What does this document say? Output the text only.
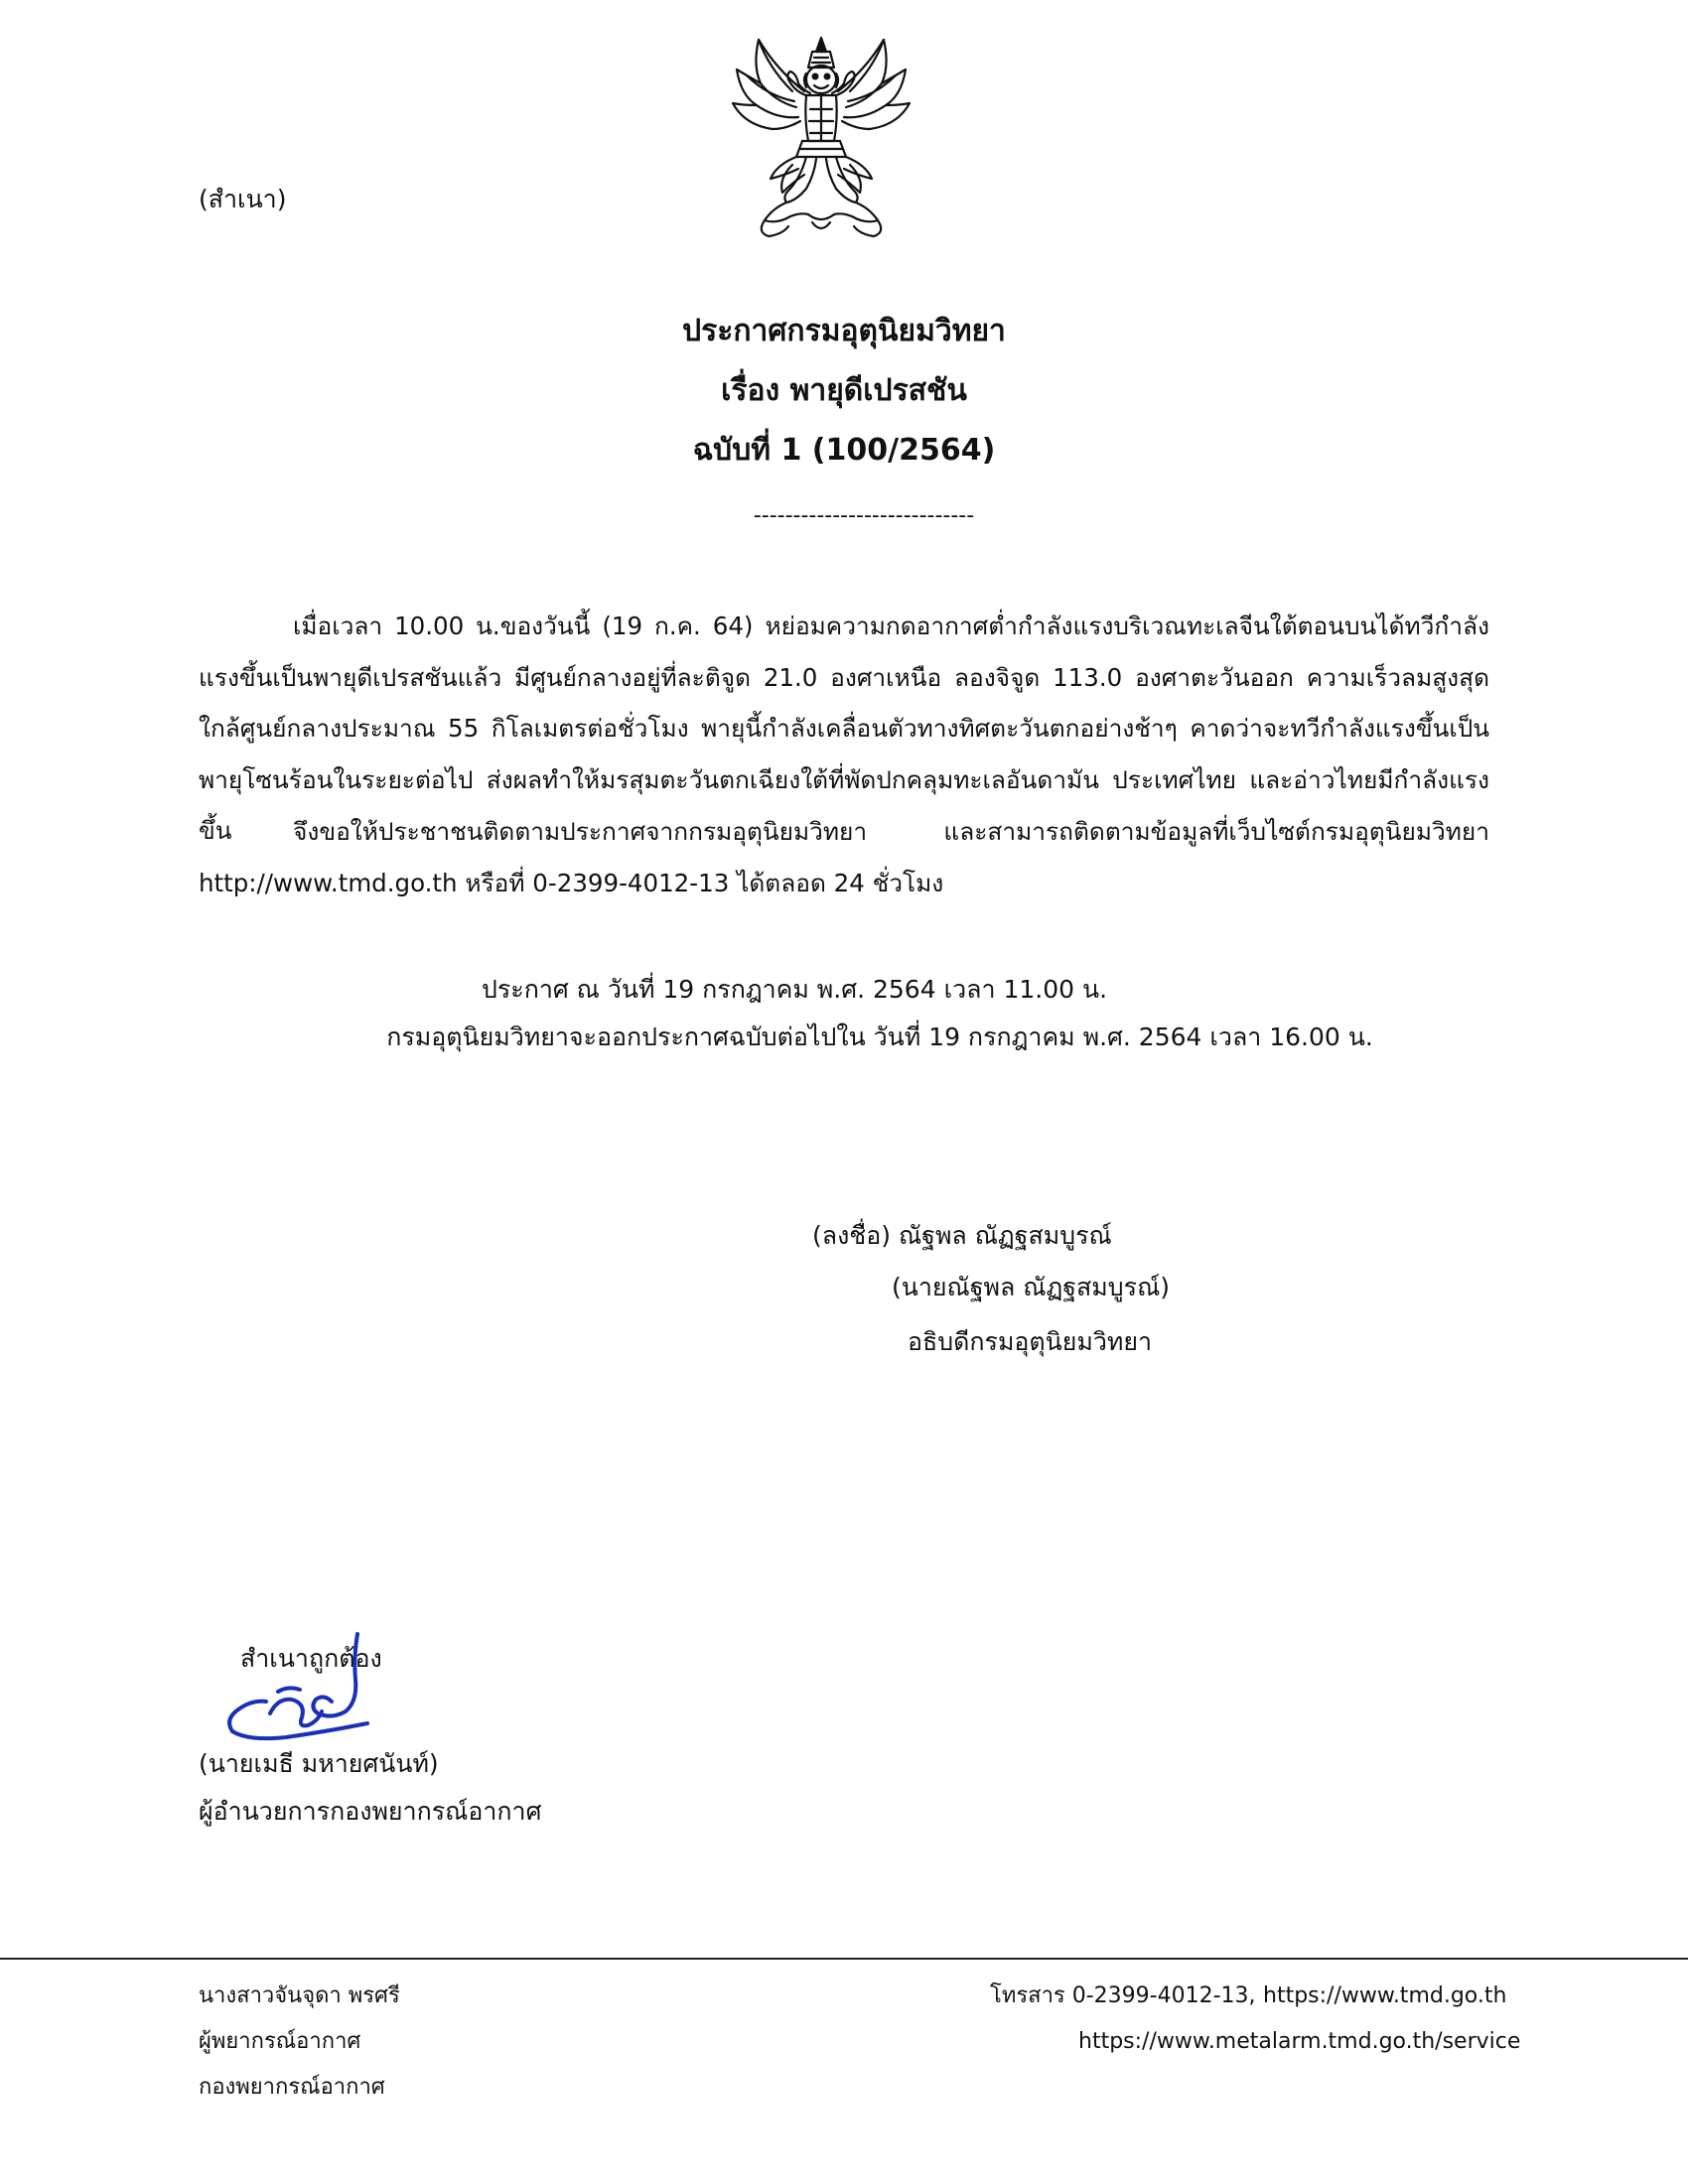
(สำเนา)
ประกาศกรมอุตุนิยมวิทยา
เรื่อง พายุดีเปรสชัน
ฉบับที่ 1 (100/2564)
----------------------------

เมื่อเวลา 10.00 น.ของวันนี้ (19 ก.ค. 64) หย่อมความกดอากาศต่ำกำลังแรงบริเวณทะเลจีนใต้ตอนบนได้ทวีกำลังแรงขึ้นเป็นพายุดีเปรสชันแล้ว มีศูนย์กลางอยู่ที่ละติจูด 21.0 องศาเหนือ ลองจิจูด 113.0 องศาตะวันออก ความเร็วลมสูงสุดใกล้ศูนย์กลางประมาณ 55 กิโลเมตรต่อชั่วโมง พายุนี้กำลังเคลื่อนตัวทางทิศตะวันตกอย่างช้าๆ คาดว่าจะทวีกำลังแรงขึ้นเป็นพายุโซนร้อนในระยะต่อไป ส่งผลทำให้มรสุมตะวันตกเฉียงใต้ที่พัดปกคลุมทะเลอันดามัน ประเทศไทย และอ่าวไทยมีกำลังแรงขึ้น	จึงขอให้ประชาชนติดตามประกาศจากกรมอุตุนิยมวิทยา และสามารถติดตามข้อมูลที่เว็บไซต์กรมอุตุนิยมวิทยา http://www.tmd.go.th หรือที่ 0-2399-4012-13 ได้ตลอด 24 ชั่วโมง

ประกาศ ณ วันที่ 19 กรกฎาคม พ.ศ. 2564 เวลา 11.00 น.
กรมอุตุนิยมวิทยาจะออกประกาศฉบับต่อไปใน วันที่ 19 กรกฎาคม พ.ศ. 2564 เวลา 16.00 น.
(ลงชื่อ) ณัฐพล ณัฏฐสมบูรณ์
(นายณัฐพล ณัฏฐสมบูรณ์)
อธิบดีกรมอุตุนิยมวิทยา
สำเนาถูกต้อง
(นายเมธี มหายศนันท์)
ผู้อำนวยการกองพยากรณ์อากาศ
นางสาวจันจุดา พรศรี
ผู้พยากรณ์อากาศ
กองพยากรณ์อากาศ
โทรสาร 0-2399-4012-13, https://www.tmd.go.th
https://www.metalarm.tmd.go.th/service
